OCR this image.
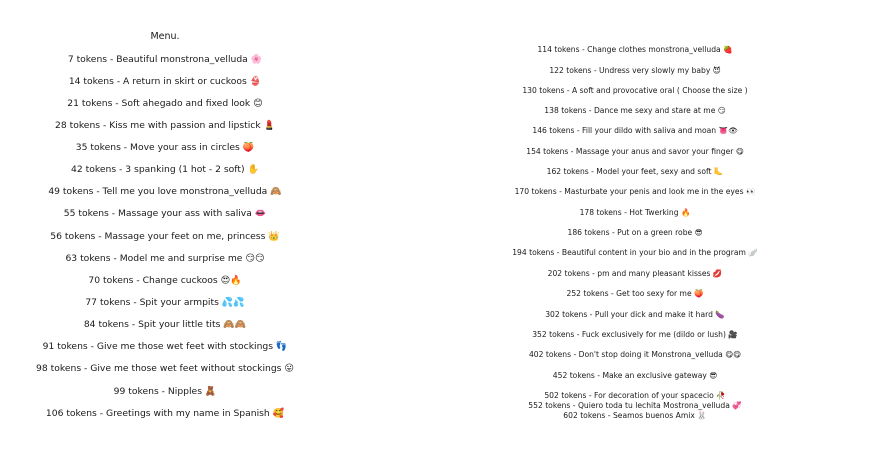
Menu.
7 tokens - Beautiful monstrona_velluda 🌸
14 tokens - A return in skirt or cuckoos 👙
21 tokens - Soft ahegado and fixed look 😊
28 tokens - Kiss me with passion and lipstick 💄
35 tokens - Move your ass in circles 🍑
42 tokens - 3 spanking (1 hot - 2 soft) ✋
49 tokens - Tell me you love monstrona_velluda 🙈
55 tokens - Massage your ass with saliva 👄
56 tokens - Massage your feet on me, princess 👑
63 tokens - Model me and surprise me 😏😏
70 tokens - Change cuckoos 😍🔥
77 tokens - Spit your armpits 💦💦
84 tokens - Spit your little tits 🙈🙈
91 tokens - Give me those wet feet with stockings 👣
98 tokens - Give me those wet feet without stockings 😛
99 tokens - Nipples 🧸
106 tokens - Greetings with my name in Spanish 🥰
114 tokens - Change clothes monstrona_velluda 🍓
122 tokens - Undress very slowly my baby 😈
130 tokens - A soft and provocative oral ( Choose the size )
138 tokens - Dance me sexy and stare at me 😏
146 tokens - Fill your dildo with saliva and moan 👅👁
154 tokens - Massage your anus and savor your finger 😋
162 tokens - Model your feet, sexy and soft 🦶
170 tokens - Masturbate your penis and look me in the eyes 👀
178 tokens - Hot Twerking 🔥
186 tokens - Put on a green robe 😎
194 tokens - Beautiful content in your bio and in the program 🪽
202 tokens - pm and many pleasant kisses 💋
252 tokens - Get too sexy for me 🍑
302 tokens - Pull your dick and make it hard 🍆
352 tokens - Fuck exclusively for me (dildo or lush) 🎥
402 tokens - Don't stop doing it Monstrona_velluda 😋😋
452 tokens - Make an exclusive gateway 😎
502 tokens - For decoration of your spacecio 🥀
552 tokens - Quiero toda tu lechita Mostrona_velluda 💞
602 tokens - Seamos buenos Amix 🐰
